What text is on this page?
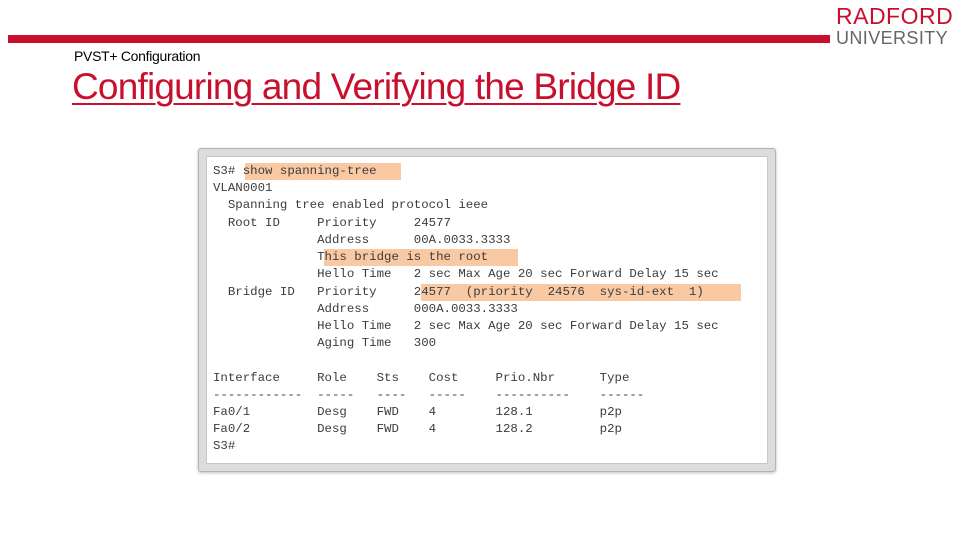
RADFORD
UNIVERSITY
PVST+ Configuration
Configuring and Verifying the Bridge ID
S3# show spanning-tree
VLAN0001
Spanning tree enabled protocol ieee
Root ID     Priority     24577
Address      00A.0033.3333
This bridge is the root
Hello Time   2 sec Max Age 20 sec Forward Delay 15 sec
Bridge ID   Priority     24577  (priority  24576  sys-id-ext  1)
Address      000A.0033.3333
Hello Time   2 sec Max Age 20 sec Forward Delay 15 sec
Aging Time   300
Interface     Role    Sts    Cost     Prio.Nbr      Type
------------  -----   ----   -----    ----------    ------
Fa0/1         Desg    FWD    4        128.1         p2p
Fa0/2         Desg    FWD    4        128.2         p2p
S3#
